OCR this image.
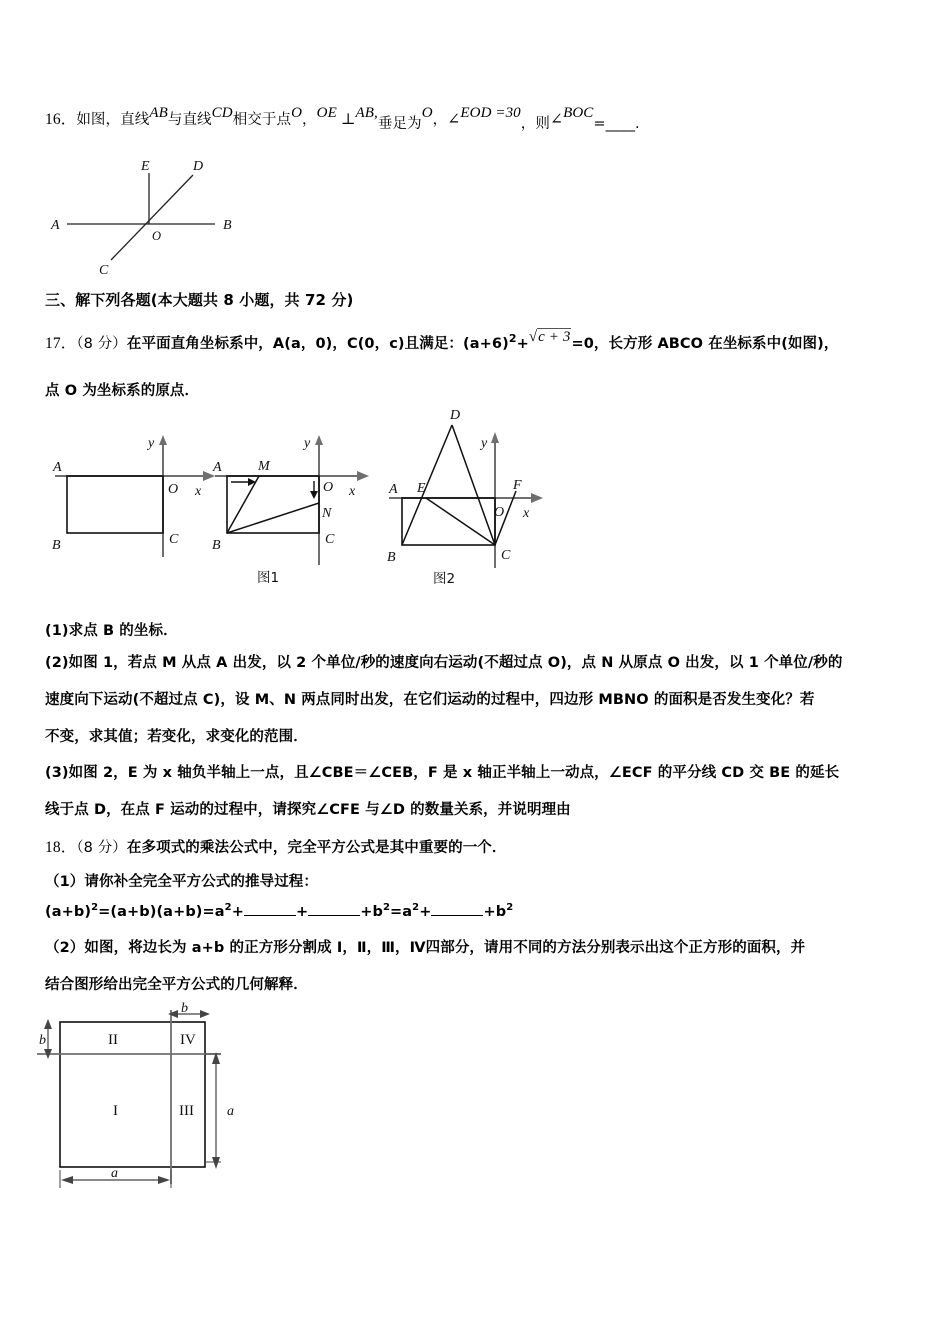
16．如图，直线AB与直线CD相交于点O，OE ⊥AB,垂足为O，∠EOD =30，则∠BOC=____.
A	B
C
D
E
O
三、解下列各题(本大题共 8 小题，共 72 分)
17．（8 分）在平面直角坐标系中，A(a，0)，C(0，c)且满足：$(a+6)^2+√c + 3=0$，长方形 ABCO 在坐标系中(如图)，
点 O 为坐标系的原点．
A
B	C
O x
y
A
B	C
O
N
M
x
y
图1
A
B	C
O
D
E	F
x
y
图2
(1)求点 B 的坐标．
(2)如图 1，若点 M 从点 A 出发，以 2 个单位/秒的速度向右运动(不超过点 O)，点 N 从原点 O 出发，以 1 个单位/秒的
速度向下运动(不超过点 C)，设 M、N 两点同时出发，在它们运动的过程中，四边形 MBNO 的面积是否发生变化？若
不变，求其值；若变化，求变化的范围．
(3)如图 2，E 为 x 轴负半轴上一点，且∠CBE＝∠CEB，F 是 x 轴正半轴上一动点，∠ECF 的平分线 CD 交 BE 的延长
线于点 D，在点 F 运动的过程中，请探究∠CFE 与∠D 的数量关系，并说明理由
18．（8 分）在多项式的乘法公式中，完全平方公式是其中重要的一个．
（1）请你补全完全平方公式的推导过程：
$(a+b)^2=(a+b)(a+b)=a^2+$	+	$+b^2=a^2+$	$+b^2$
（2）如图，将边长为 a+b 的正方形分割成 I，Ⅱ，Ⅲ，Ⅳ四部分，请用不同的方法分别表示出这个正方形的面积，并
结合图形给出完全平方公式的几何解释．
II	IV
I	III
b
b
a
a
